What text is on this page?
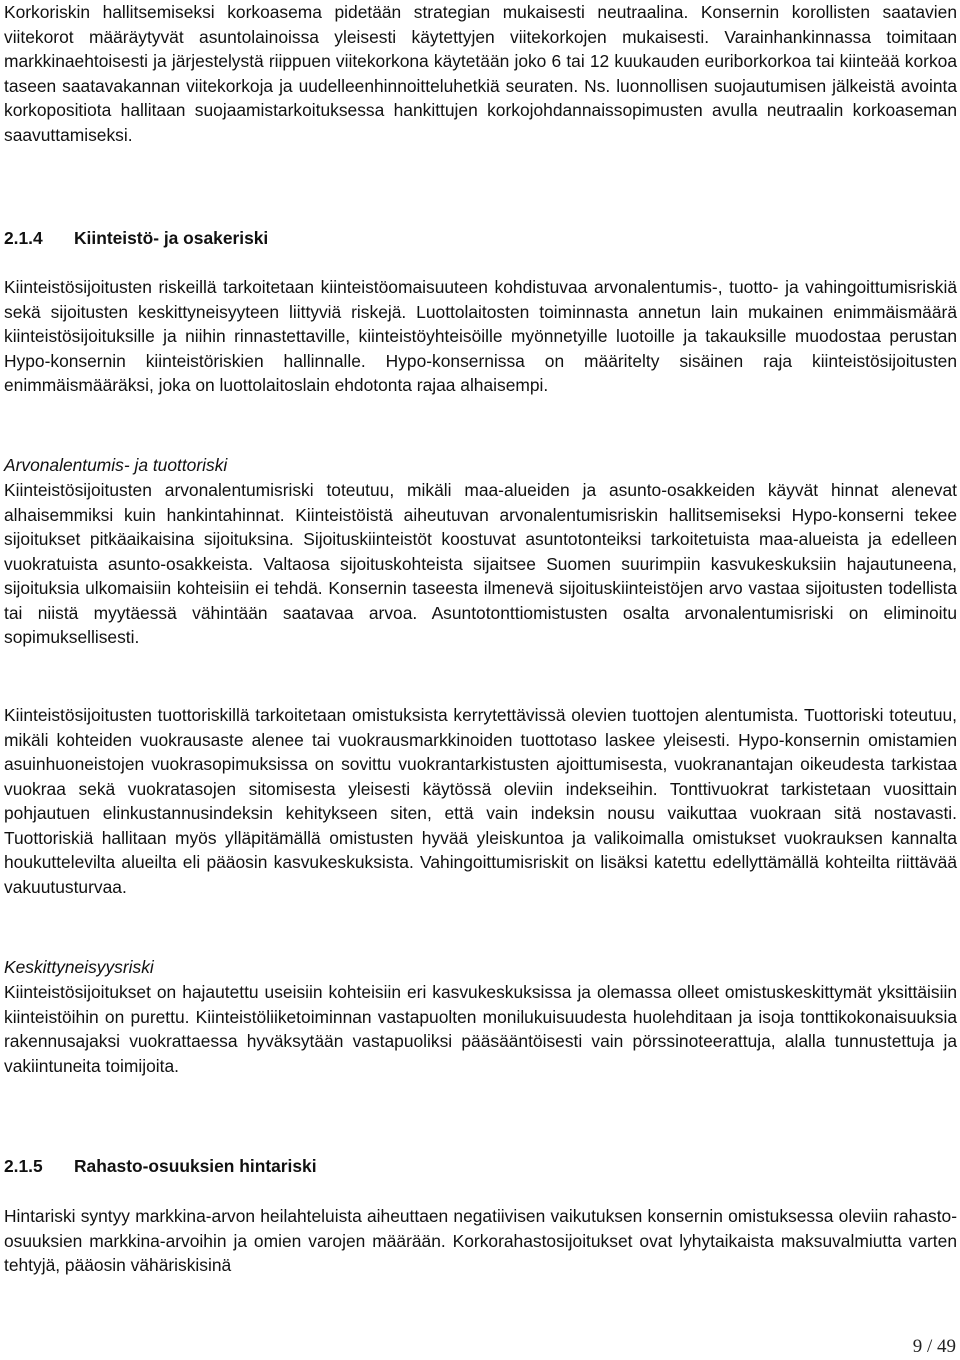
Korkoriskin hallitsemiseksi korkoasema pidetään strategian mukaisesti neutraalina. Konsernin korollisten saatavien viitekorot määräytyvät asuntolainoissa yleisesti käytettyjen viitekorkojen mukaisesti. Varainhankinnassa toimitaan markkinaehtoisesti ja järjestelystä riippuen viitekorkona käytetään joko 6 tai 12 kuukauden euriborkorkoa tai kiinteää korkoa taseen saatavakannan viitekorkoja ja uudelleenhinnoitteluhetkiä seuraten. Ns. luonnollisen suojautumisen jälkeistä avointa korkopositiota hallitaan suojaamistarkoituksessa hankittujen korkojohdannaissopimusten avulla neutraalin korkoaseman saavuttamiseksi.

2.1.4	Kiinteistö- ja osakeriski

Kiinteistösijoitusten riskeillä tarkoitetaan kiinteistöomaisuuteen kohdistuvaa arvonalentumis-, tuotto- ja vahingoittumisriskiä sekä sijoitusten keskittyneisyyteen liittyviä riskejä. Luottolaitosten toiminnasta annetun lain mukainen enimmäismäärä kiinteistösijoituksille ja niihin rinnastettaville, kiinteistöyhteisöille myönnetyille luotoille ja takauksille muodostaa perustan Hypo-konsernin kiinteistöriskien hallinnalle. Hypo-konsernissa on määritelty sisäinen raja kiinteistösijoitusten enimmäismääräksi, joka on luottolaitoslain ehdotonta rajaa alhaisempi.

Arvonalentumis- ja tuottoriski

Kiinteistösijoitusten arvonalentumisriski toteutuu, mikäli maa-alueiden ja asunto-osakkeiden käyvät hinnat alenevat alhaisemmiksi kuin hankintahinnat. Kiinteistöistä aiheutuvan arvonalentumisriskin hallitsemiseksi Hypo-konserni tekee sijoitukset pitkäaikaisina sijoituksina. Sijoituskiinteistöt koostuvat asuntotonteiksi tarkoitetuista maa-alueista ja edelleen vuokratuista asunto-osakkeista. Valtaosa sijoituskohteista sijaitsee Suomen suurimpiin kasvukeskuksiin hajautuneena, sijoituksia ulkomaisiin kohteisiin ei tehdä. Konsernin taseesta ilmenevä sijoituskiinteistöjen arvo vastaa sijoitusten todellista tai niistä myytäessä vähintään saatavaa arvoa. Asuntotonttiomistusten osalta arvonalentumisriski on eliminoitu sopimuksellisesti.

Kiinteistösijoitusten tuottoriskillä tarkoitetaan omistuksista kerrytettävissä olevien tuottojen alentumista. Tuottoriski toteutuu, mikäli kohteiden vuokrausaste alenee tai vuokrausmarkkinoiden tuottotaso laskee yleisesti. Hypo-konsernin omistamien asuinhuoneistojen vuokrasopimuksissa on sovittu vuokrantarkistusten ajoittumisesta, vuokranantajan oikeudesta tarkistaa vuokraa sekä vuokratasojen sitomisesta yleisesti käytössä oleviin indekseihin. Tonttivuokrat tarkistetaan vuosittain pohjautuen elinkustannusindeksin kehitykseen siten, että vain indeksin nousu vaikuttaa vuokraan sitä nostavasti. Tuottoriskiä hallitaan myös ylläpitämällä omistusten hyvää yleiskuntoa ja valikoimalla omistukset vuokrauksen kannalta houkuttelevilta alueilta eli pääosin kasvukeskuksista. Vahingoittumisriskit on lisäksi katettu edellyttämällä kohteilta riittävää vakuutusturvaa.

Keskittyneisyysriski

Kiinteistösijoitukset on hajautettu useisiin kohteisiin eri kasvukeskuksissa ja olemassa olleet omistuskeskittymät yksittäisiin kiinteistöihin on purettu. Kiinteistöliiketoiminnan vastapuolten monilukuisuudesta huolehditaan ja isoja tonttikokonaisuuksia rakennusajaksi vuokrattaessa hyväksytään vastapuoliksi pääsääntöisesti vain pörssinoteerattuja, alalla tunnustettuja ja vakiintuneita toimijoita.

2.1.5	Rahasto-osuuksien hintariski

Hintariski syntyy markkina-arvon heilahteluista aiheuttaen negatiivisen vaikutuksen konsernin omistuksessa oleviin rahasto-osuuksien markkina-arvoihin ja omien varojen määrään. Korkorahastosijoitukset ovat lyhytaikaista maksuvalmiutta varten tehtyjä, pääosin vähäriskisinä

9 / 49
